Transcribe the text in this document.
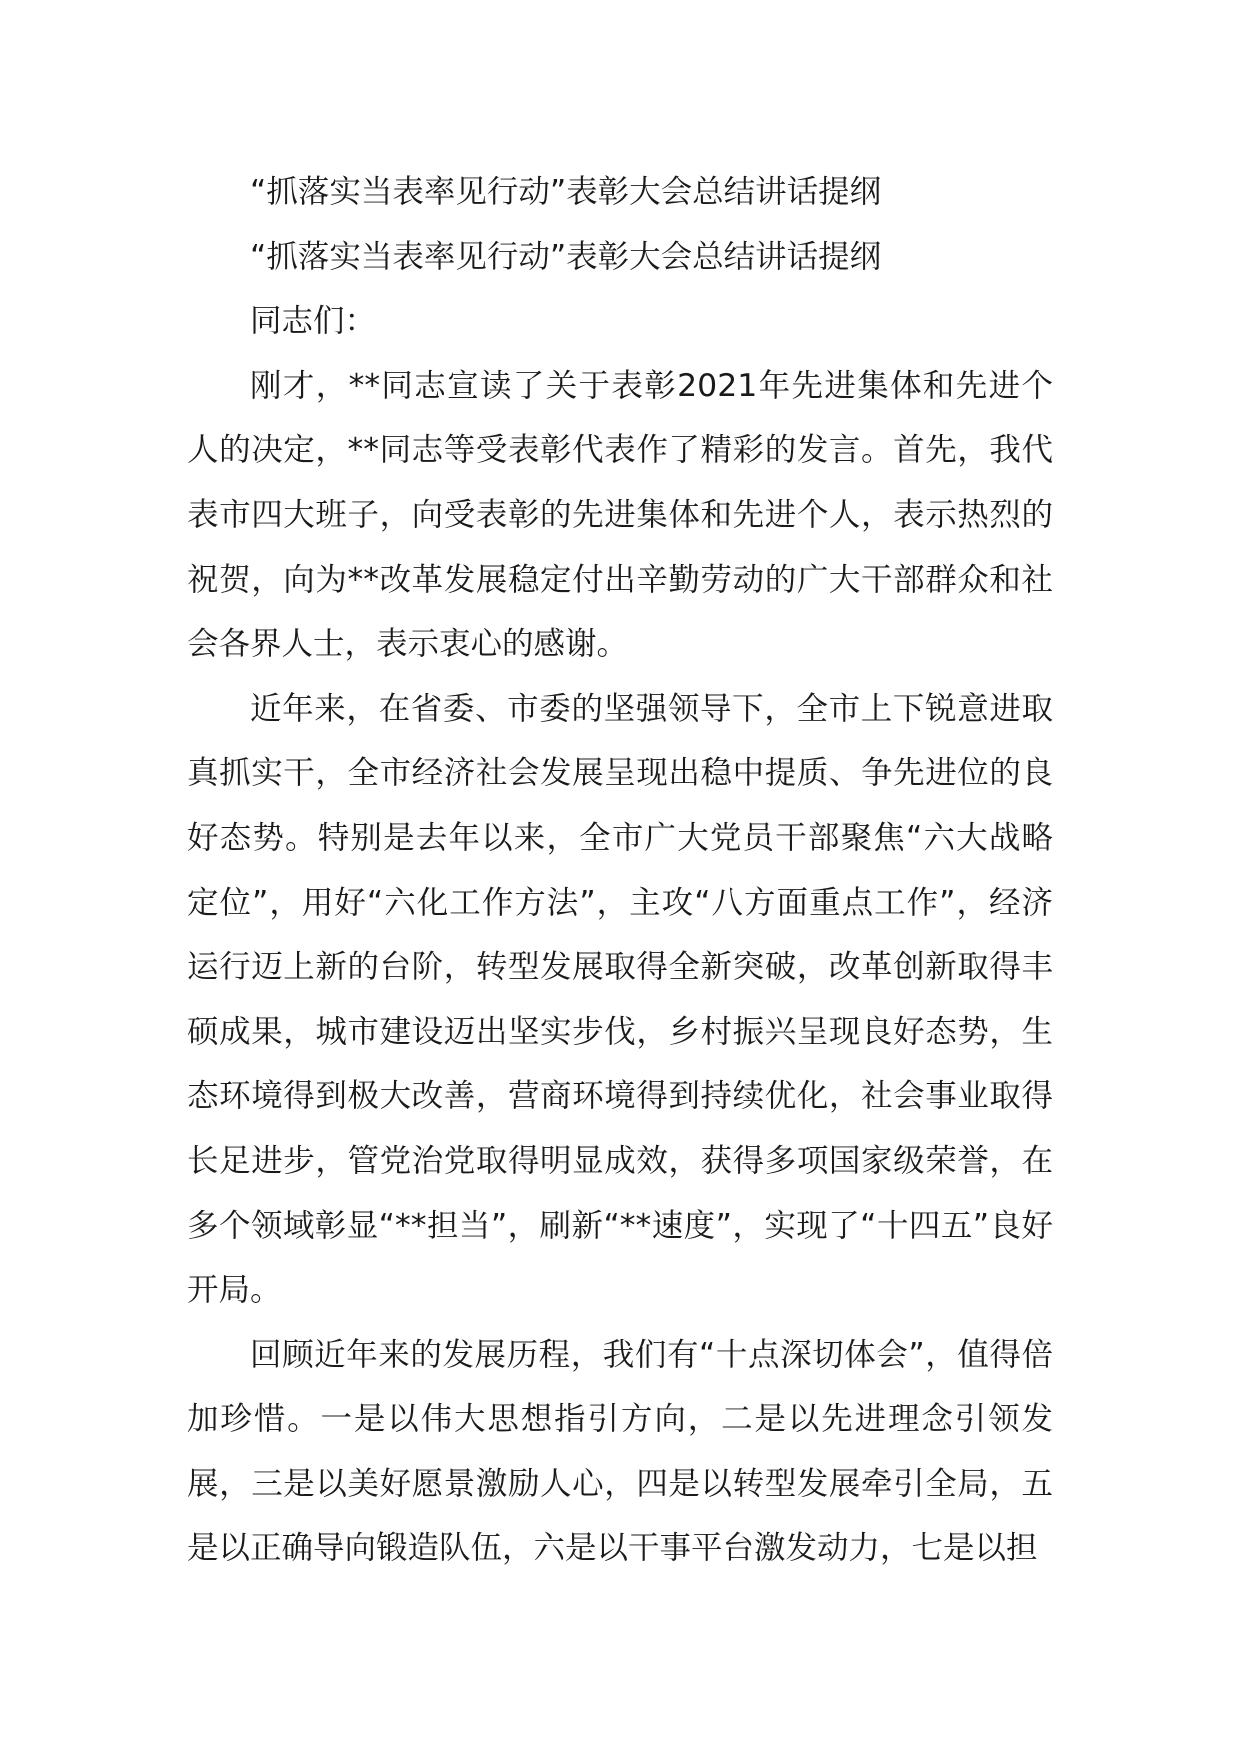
“抓落实当表率见行动”表彰大会总结讲话提纲

“抓落实当表率见行动”表彰大会总结讲话提纲

同志们：

刚才，**同志宣读了关于表彰2021年先进集体和先进个人的决定，**同志等受表彰代表作了精彩的发言。首先，我代表市四大班子，向受表彰的先进集体和先进个人，表示热烈的祝贺，向为**改革发展稳定付出辛勤劳动的广大干部群众和社会各界人士，表示衷心的感谢。

近年来，在省委、市委的坚强领导下，全市上下锐意进取真抓实干，全市经济社会发展呈现出稳中提质、争先进位的良好态势。特别是去年以来，全市广大党员干部聚焦“六大战略定位”，用好“六化工作方法”，主攻“八方面重点工作”，经济运行迈上新的台阶，转型发展取得全新突破，改革创新取得丰硕成果，城市建设迈出坚实步伐，乡村振兴呈现良好态势，生态环境得到极大改善，营商环境得到持续优化，社会事业取得长足进步，管党治党取得明显成效，获得多项国家级荣誉，在多个领域彰显“**担当”，刷新“**速度”，实现了“十四五”良好开局。

回顾近年来的发展历程，我们有“十点深切体会”，值得倍加珍惜。一是以伟大思想指引方向，二是以先进理念引领发展，三是以美好愿景激励人心，四是以转型发展牵引全局，五是以正确导向锻造队伍，六是以干事平台激发动力，七是以担
